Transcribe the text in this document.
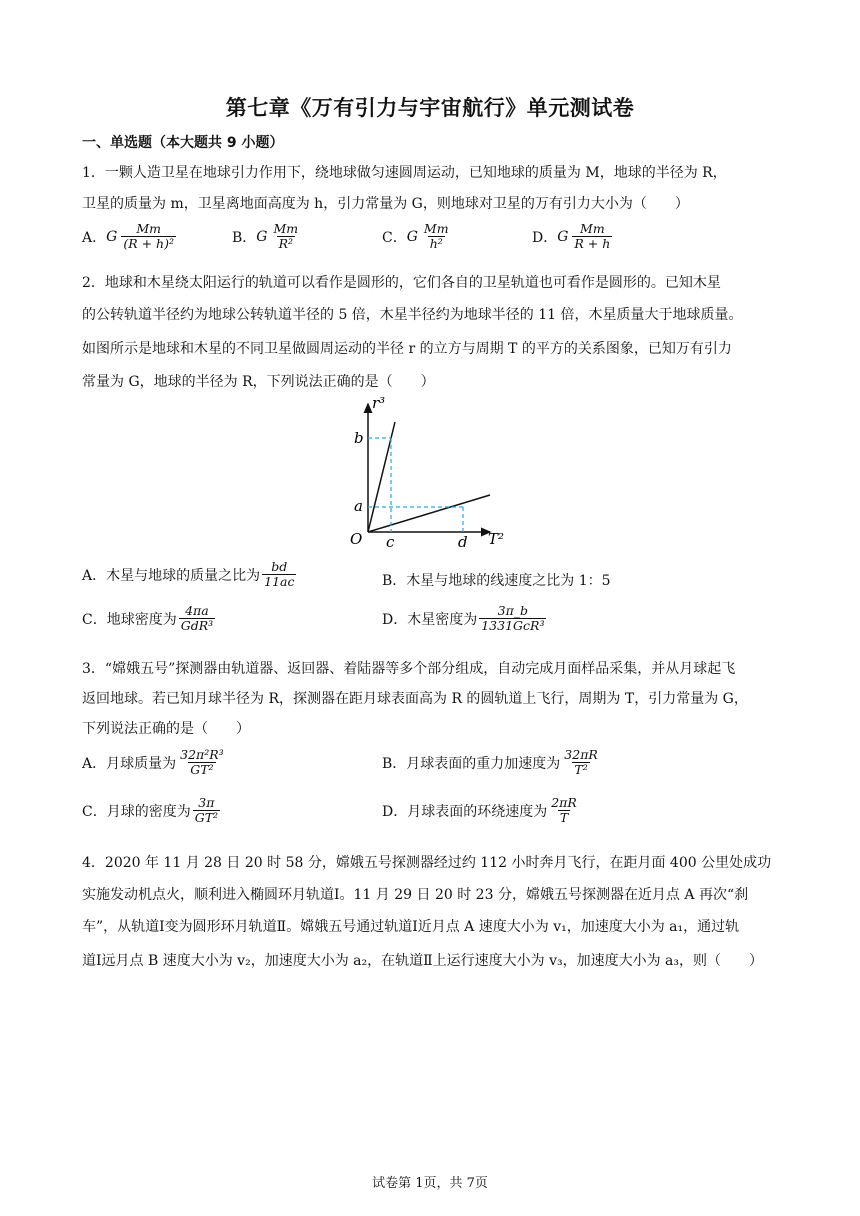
第七章《万有引力与宇宙航行》单元测试卷
一、单选题（本大题共 9 小题）
1．一颗人造卫星在地球引力作用下，绕地球做匀速圆周运动，已知地球的质量为 M，地球的半径为 R，
卫星的质量为 m，卫星离地面高度为 h，引力常量为 G，则地球对卫星的万有引力大小为（　　）
A． G $\frac{Mm}{\text{(R + h)²}}$	B． G $\frac{Mm}{\text{R²}}$	C． G $\frac{Mm}{\text{h²}}$	D． G $\frac{Mm}{R + h}$
2．地球和木星绕太阳运行的轨道可以看作是圆形的，它们各自的卫星轨道也可看作是圆形的。已知木星
的公转轨道半径约为地球公转轨道半径的 5 倍，木星半径约为地球半径的 11 倍，木星质量大于地球质量。
如图所示是地球和木星的不同卫星做圆周运动的半径 r 的立方与周期 T 的平方的关系图象，已知万有引力
常量为 G，地球的半径为 R，下列说法正确的是（　　）
r³
T²
O
b
a
c	d
A．木星与地球的质量之比为 $\frac{bd}{11ac}$	B．木星与地球的线速度之比为 1：5
C．地球密度为 $\frac{4\pi a}{\text{GdR³}}$	D．木星密度为 $\frac{3\pi\_b}{\text{1331GcR³}}$
3．“嫦娥五号”探测器由轨道器、返回器、着陆器等多个部分组成，自动完成月面样品采集，并从月球起飞
返回地球。若已知月球半径为 R，探测器在距月球表面高为 R 的圆轨道上飞行，周期为 T，引力常量为 G，
下列说法正确的是（　　）
A．月球质量为 $\frac{\text{32π²R³}}{\text{GT²}}$	B．月球表面的重力加速度为 $\frac{32\pi R}{\text{T²}}$
C．月球的密度为 $\frac{3\pi}{\text{GT²}}$	D．月球表面的环绕速度为 $\frac{2\pi R}{T}$
4．2020 年 11 月 28 日 20 时 58 分，嫦娥五号探测器经过约 112 小时奔月飞行，在距月面 400 公里处成功
实施发动机点火，顺利进入椭圆环月轨道Ⅰ。11 月 29 日 20 时 23 分，嫦娥五号探测器在近月点 A 再次“刹
车”，从轨道Ⅰ变为圆形环月轨道Ⅱ。嫦娥五号通过轨道Ⅰ近月点 A 速度大小为 v₁，加速度大小为 a₁，通过轨
道Ⅰ远月点 B 速度大小为 v₂，加速度大小为 a₂，在轨道Ⅱ上运行速度大小为 v₃，加速度大小为 a₃，则（　　）
试卷第 1页，共 7页
